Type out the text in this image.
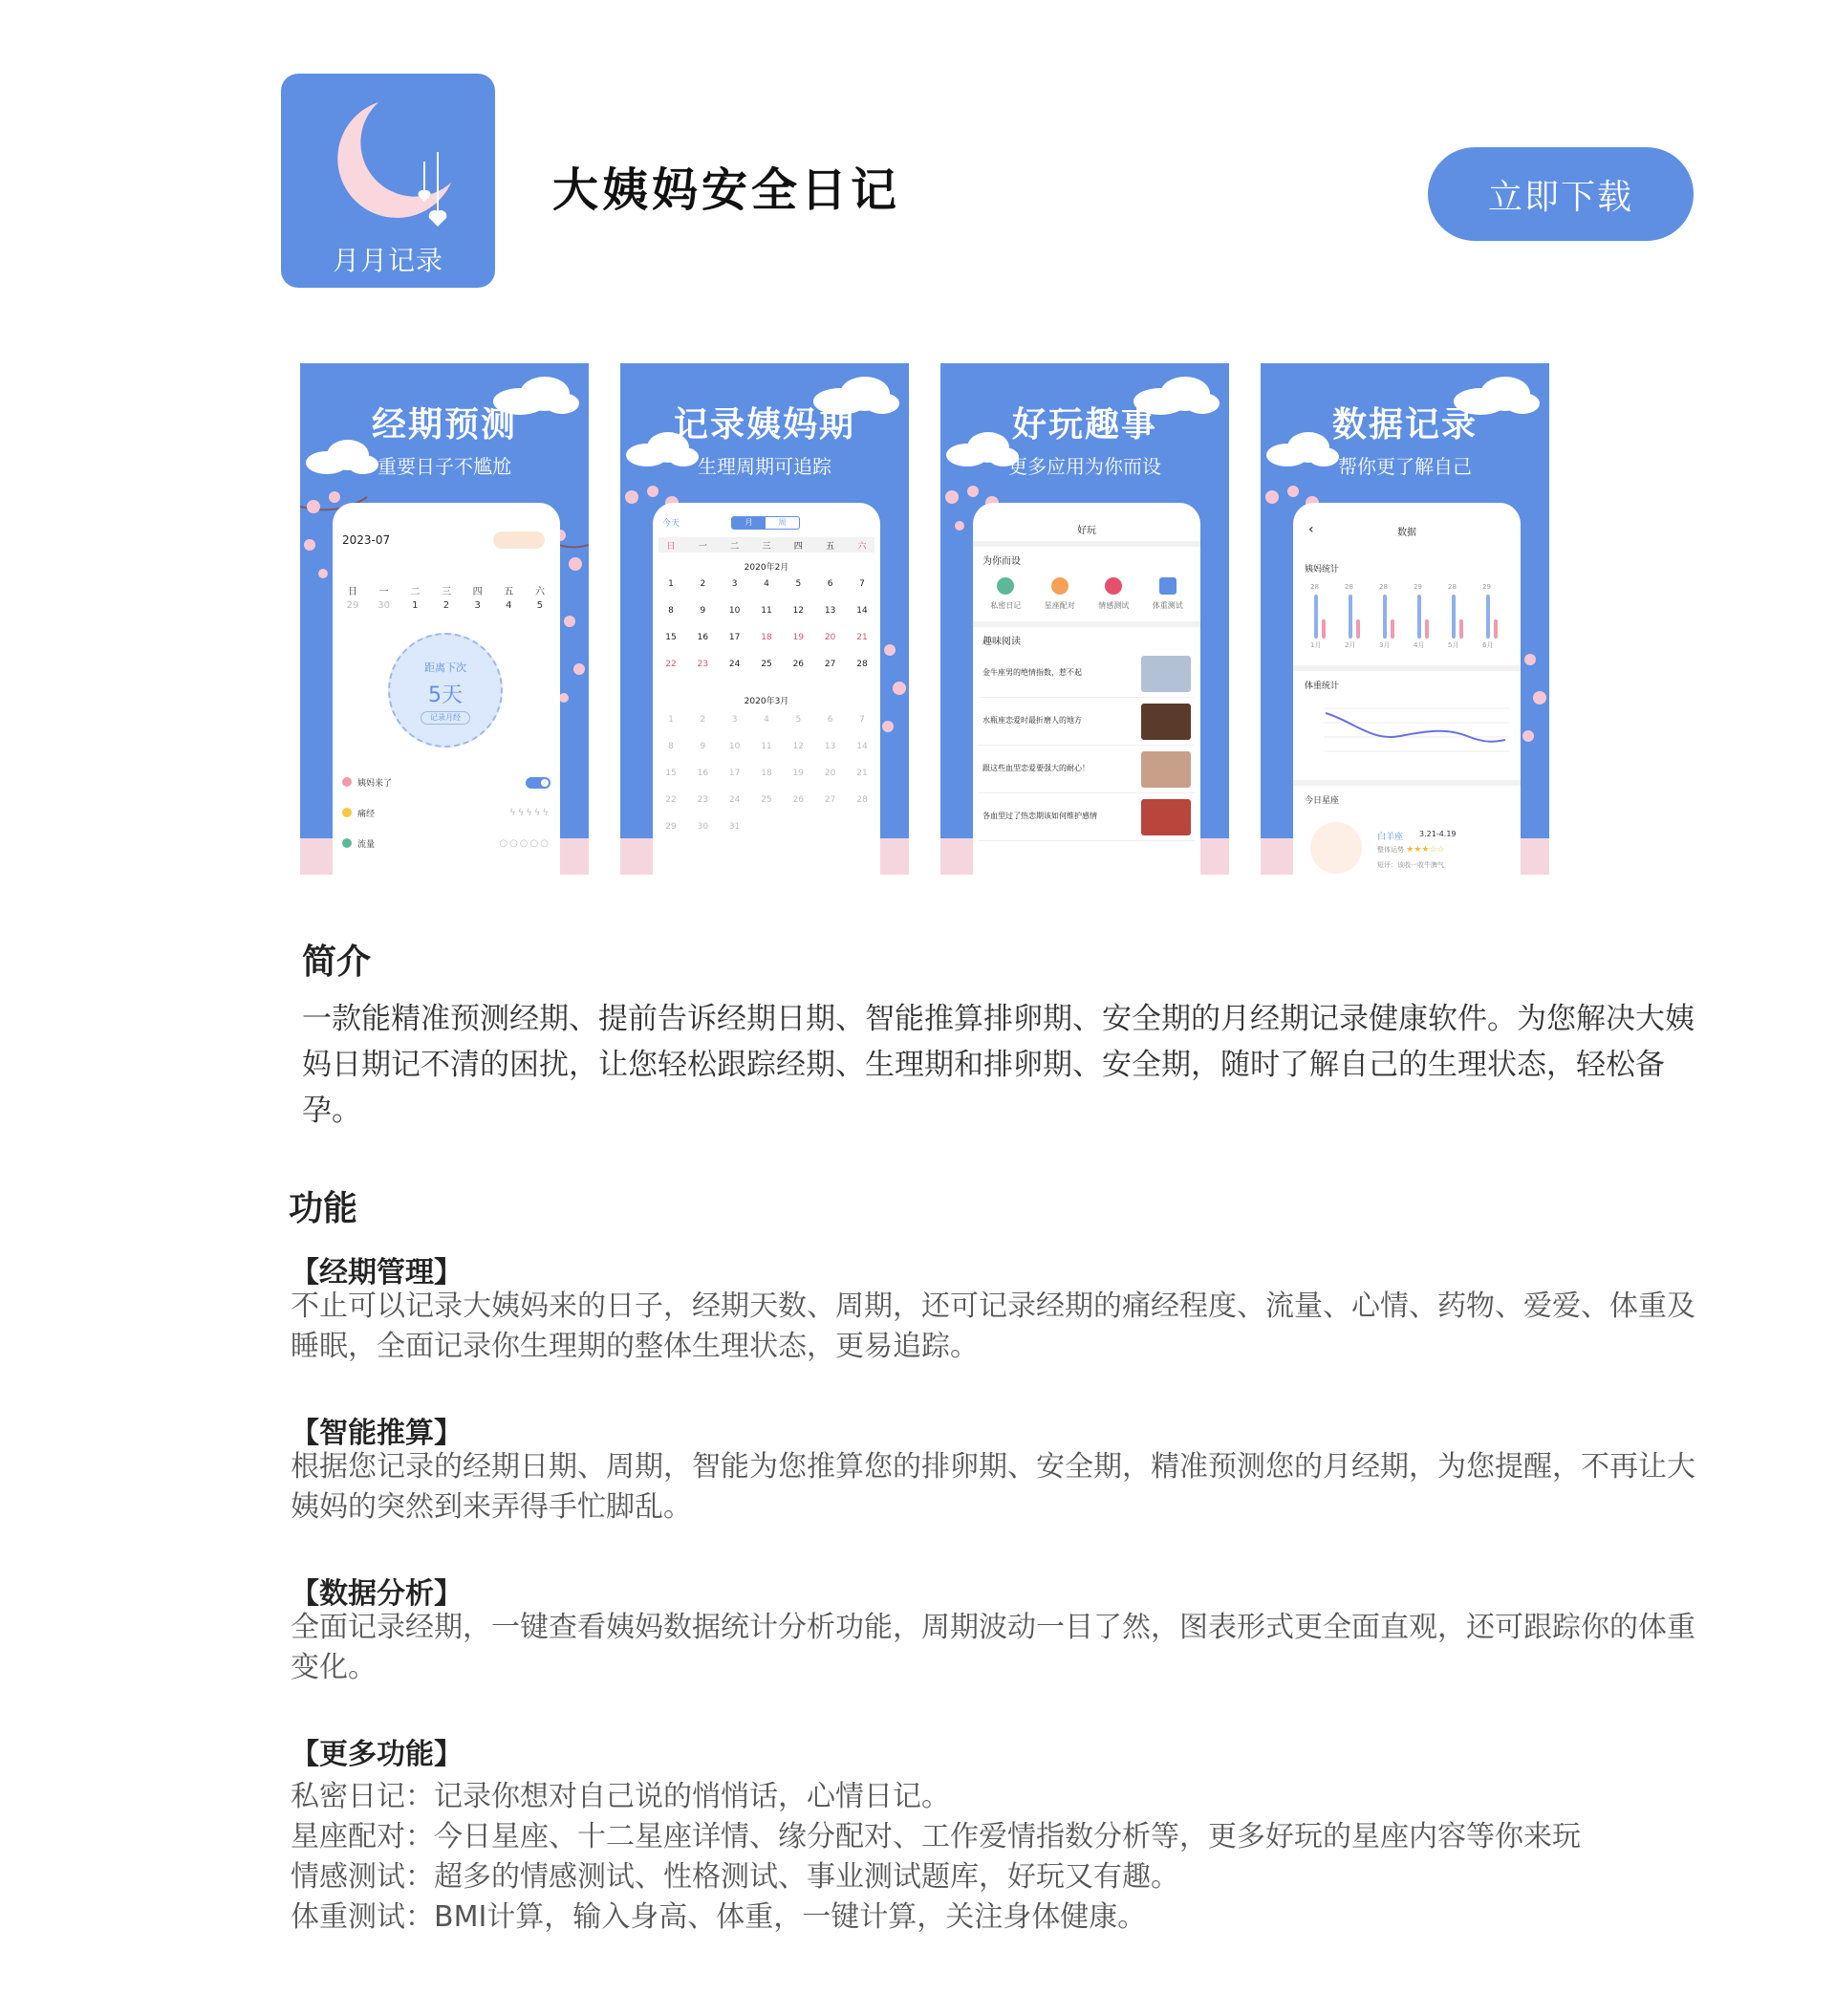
月月记录
大姨妈安全日记	立即下载
经期预测
重要日子不尴尬
2023-07
日	一	二	三	四	五	六
29	30	1	2	3	4	5
距离下次
5天
记录月经
姨妈来了
痛经	ϟϟϟϟϟ
流量	○○○○○
记录姨妈期
生理周期可追踪
今天	月	周
日	一	二	三	四	五	六
2020年2月
1	2	3	4	5	6	7
8	9	10	11	12	13	14
15	16	17	18	19	20	21
22	23	24	25	26	27	28
2020年3月
1	2	3	4	5	6	7
8	9	10	11	12	13	14
15	16	17	18	19	20	21
22	23	24	25	26	27	28
29	30	31
好玩趣事
更多应用为你而设
好玩
为你而设
私密日记	星座配对	情感测试	体重测试
趣味阅读
金牛座男的绝情指数，惹不起
水瓶座恋爱时最折磨人的地方
跟这些血型恋爱要强大的耐心！
各血型过了热恋期该如何维护感情
数据记录
帮你更了解自己
‹	数据
姨妈统计
28
1月
28
2月
28
3月
29
4月
28
5月
29
6月
体重统计
今日星座
白羊座 3.21-4.19
整体运势 ★★★☆☆
短评：该收一收牛脾气
简介
一款能精准预测经期、提前告诉经期日期、智能推算排卵期、安全期的月经期记录健康软件。为您解决大姨妈日期记不清的困扰，让您轻松跟踪经期、生理期和排卵期、安全期，随时了解自己的生理状态，轻松备孕。
功能
【经期管理】
不止可以记录大姨妈来的日子，经期天数、周期，还可记录经期的痛经程度、流量、心情、药物、爱爱、体重及睡眠，全面记录你生理期的整体生理状态，更易追踪。
【智能推算】
根据您记录的经期日期、周期，智能为您推算您的排卵期、安全期，精准预测您的月经期，为您提醒，不再让大姨妈的突然到来弄得手忙脚乱。
【数据分析】
全面记录经期，一键查看姨妈数据统计分析功能，周期波动一目了然，图表形式更全面直观，还可跟踪你的体重变化。
【更多功能】
私密日记：记录你想对自己说的悄悄话，心情日记。
星座配对：今日星座、十二星座详情、缘分配对、工作爱情指数分析等，更多好玩的星座内容等你来玩
情感测试：超多的情感测试、性格测试、事业测试题库，好玩又有趣。
体重测试：BMI计算，输入身高、体重，一键计算，关注身体健康。
